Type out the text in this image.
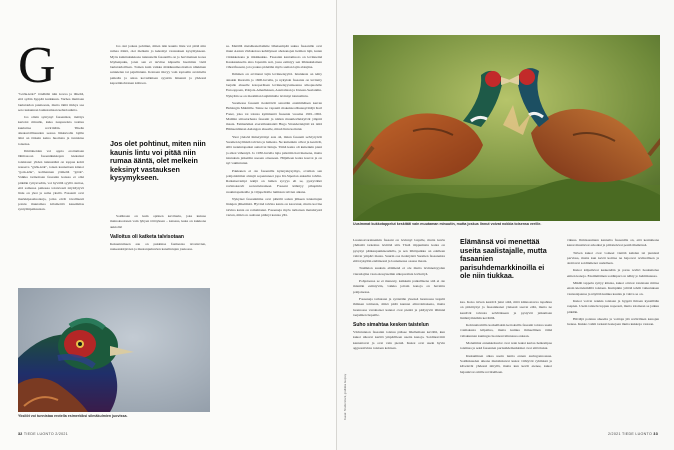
G

"Göök-kök!" tönähtää niin kovaa ja läheltä, että sydän hyppää kurkkuun. Varhea muittaan laulutaidon puutteesta, mutta tämä tiirkys saa sen raukunnan laulustamaan kehtolaulutta.

Jos olisin syntynyt fasaanikot, tiettäys kertoisi minulle, kuka naapureista taattuu kuuluttaa revirttiään. Tiheän aluskasvillisuuden seassa liikkuvalle lajille ääni on tärkein keino huomata ja tunnistaa toisensa.

Ilmiöineiden voi oppia erottamaan lähtitasoon fasaanikukkojen kiekaisut toisistaan: yhden tunnusääni on toppua kohti nouseva "göök-kök", toisen kaunattaan kinnot "gork-kök", kolmannen ytimeltä "göök". Vaikka tarinoitaan fasaanin kanssa ei olisi pitkään tyttysvedän, voi hyvällä syyllä olettaa, että samassa paikassa toistuvasti näyttäytyvä lintu on yksi ja sama yksilö. Fasaanit ovat merkkipaaaluonteja, jotka eivät tavallisesti poistu muutamaa kilometriä kauemmas syntymäpaikastaan.

Jos olet joskus pohtinut, miten niin kaunis lintu voi pitää niin rumaa ääntä, olet melkein jo keksinyt vastauksen kysymykseen. Myös kuluttukukkona tunnustella fasaanilla on jo harvinainen korea höyhenpuku, joten sen ei tarvitse käpuella haominta vielä laulutaidoillaan. Toinen kuin vaikka mäkikuumeottomon näkkinen satakielen tai pajulintunn. Kotnaan tikvyy vain toptaalin avoimella paikalla ja antaa kovaäänisen syystän äänensä ja yhdessä kaparinhohtoisen kiittoon.

Jos olet pohtinut, miten niin kaunis lintu voi pitää niin rumaa ääntä, olet melkein keksinyt vastauksen kysymykseen.

Soidinaan on kuin optinen kevtlaulu, joka kuiuaa mainoksolonen vain lyhyen töttöyksen – katsaus, kuka on kukkona aukiolla!

Valloitus oli katketa talvisotaan

Kekuetrumeen asu on pukkinsa fasmestaa tavattavien, ruskeankirjavien ja mustanpuhuvien kanalintujen joukossa.

sa. Metällä metsäkanoilamme läheisempää sukua fasaanille ovat muut Aasian viidakoissa kehittyneet ahokanojen heimon lajit, kuten viidakkokana ja riikinkukko. Fasaanin kantamuoto on levinneinä Kaukasukselta aina Japaniin asti, jossa esiintyy sen lähisukulainen vihreäfasaani, jota joskus pidetään myös saman lajin alalajina.

Ihminen on arvitanut lajin levinneisyyttä. Istutuksia on tehty ainakin Ruotsiin jo 1600-luvulla, ja nykyisin fasaania on levitetty laajalle alueelle kotoperäisen levinneisyysalueensa ulkopuolelle Eurooppaan, Pohjois-Amerikkaan, Australiaan ja Uuteen-Seelantiin. Nykyään se on maailman laajimmalle levinnyt istutuslintu.

Suomessa fasaanit tiedettävät sanottiin ensimmäisen kerran Helsingin Malmille. Sinne ne vapautti makeisteollisuusyrittäjä Karl Fazer, joka toi toistaa kymmentä fasaania vuosina 1901–1902. Malmin siitostarhasta fasaanit ja niiden muunlevikistyivät ympäri maata. Esimerkiksi everstiluutnantti Hugo Strandertskjöld toi niitä Hämeenlinnan Aulangon alueelle, missä lintu kotiutui.

Yksi yleisöä ihmetyttänyt asia oli, miten fasaanit selviytyivät Suomen kylmistä talvista ja lumesta. Ne kuitenkin olivat ja kestivät, sillä ruokintapaikat auttoivat lintuja. Tämä kanta oli kuitenkin pieni ja alkoi vähentyä. Jo 1930-luvulla lajia pidettiin harvinaisena, mutta istutuksia jatkettiin useaan otteeseen. Hiljalleen kanta kasvoi ja on nyt vakiintunut.

Pakkanen ei ole fasaanille kynnyskysymys, ovathan sen pohjoisimmat alalajit sopeutuneet jopa Itä-Siperian ankariin talviin. Ratkaisevampi tekijä on lumen syvyys eli se, pystyvätkö ravintokasvit saavuttelaaineet. Fasaani kääntyy pihapiirin ruokintapaikoille ja viljapelloille lumisten talvien aikana.

Nykyiset fasaanimme ovat pitkälti sotien jälkeen istutettujen lintujen jälkeläisiä. Hyvinä talvina kanta on kasvanut, mutta kovina talvina kanta on romahtanut. Fasaaneja myös tarhataan metsästystä varten, mikä on osaltaan pitänyt kantaa yllä.

Yksilöt voi tunnistaa erotella esimerkiksi silmäkulmien juovissa.
32 TIEDE LUONTO 2/2021
Uusimmat kukkotappelut keskitäti vain muutaman minuutin, mutta joskus linnut voivat nokkia toisensa verille.
Kuvat: Shutterstock, grafiikka Gurpey

Luonnosvarainenkin fasaani on levinnyt laajalle, mutta kuvia yhdistää tarkoitus levittää sitä. Tästä riippumatta kanta on pysynyt pääkaupunkiseudulla, ja sen lähtöpaikka on edelleen vahvat ympäri maata. Suurin osa tiedetyistä Suomen fasaaneista elää nykyään eteläisessä ja lounaisessa osassa maata.

Tuulikion suuksia eläimenä ei ole mutta levinneisyyden vieraslajina vaan ekosyteemin ulkopuolista levitettyä.

Pohjoisessa se ei menesty, kaikkein paikallisena sitä ei ole missään esiintyvän, vaikka joitain kanoja on havaittu pohjoisessa.

Fasaaneja tarhataan ja syötetään yleensä luonnossa laajalti ihmisen toimesta, mikä pitää kannan elinvoimaisena, mutta luonnossa varsinaiset kannat ovat pieniä ja pitäytyvät lähinnä taajamien liepeille.

Suho simahtaa kesken taistelun

Värintunnon fasaanin toistuu pääsee lihallemaan kevällä, kun kukot alkavat kerätä ympärilleen useita kanoja. Soidinreviirit kannattavat ja ovat vain pieniä. Kukot ovat usein hyvin aggressiivisia toisiaan kohtaan.

Elämänsä voi menettää useita saalistajalle, mutta fasaanien parisuhdemarkkinoilla ei ole niin tiukkaa.

ksa. Koko talven kestävä jutut siitä, mitä kiinnostavaa tapahtuu on pitkittynyt ja fasaanikanat yleisesti saavat elää, mutta ne kestävät talvesta selvitäkseen ja pystyvät jatkamaan lisääntymistään keväällä.

Kohtuuttomilla korkeillakin kerroksilla fasaanit toistaa usein voimakasta kilpailua, mutta kuinka ihmeellinen tämä valtakunnan kuningas luonnonvalinnassa onkaan.

Molemmat ennakkoluulot ovat noin kaksi kertaa heikompaa toisiinsa ja sekä fasaanien parisuhdemarkkinat ovat siitä tiukat.

Kiekuminen alkaa usein tuntia ennen auringonnousua. Soidinkauden aikana muistinkuvat kukot viihtyvät ryhmissä ja kävelevät yhdessä niityllä, mutta kun kevät etenee, kukot hajautuvat omille reviireilleen.

vikuus. Ihmisasuinten kannalta fasaanilla on, että kesäaikana kanat muuttuvat arkoiksi ja piilottelevat pesää tiheikössä.

Talven kukot ovat voineet viettää kahden tai pienissä parvissa, mutta kun kevät koittaa ne hajoavat reviireilleen ja aloittavat soidinmenot uudelleen.

Kukot kilpailevat keskenään ja paras reviiri houkuttelee eniten kanoja. Ensimmäinen soidinpari on nähty jo helmikuussa.

Mikäli tappelu syttyy kiistaa, kukot ottavat toisistaan mittaa ensin kiertelemällä toisiaan. Kumpikin yrittää tehdä vaikutuksen vastustajaansa ja näyttää kuinka kaunis ja vahva se on.

Kukot voivat nokkia toisiaan ja hyppiä ilmaan kynsillään raapien. Usein taistelu loppuu nopeasti, mutta toisinaan se jatkuu pitkään.

Häviäjä poistuu alueelta ja voittaja jää reviirilleen kanojen luokse. Kukko vahtii tarkasti kanojaan muita kukkoja vastaan.

2/2021 TIEDE LUONTO 33
